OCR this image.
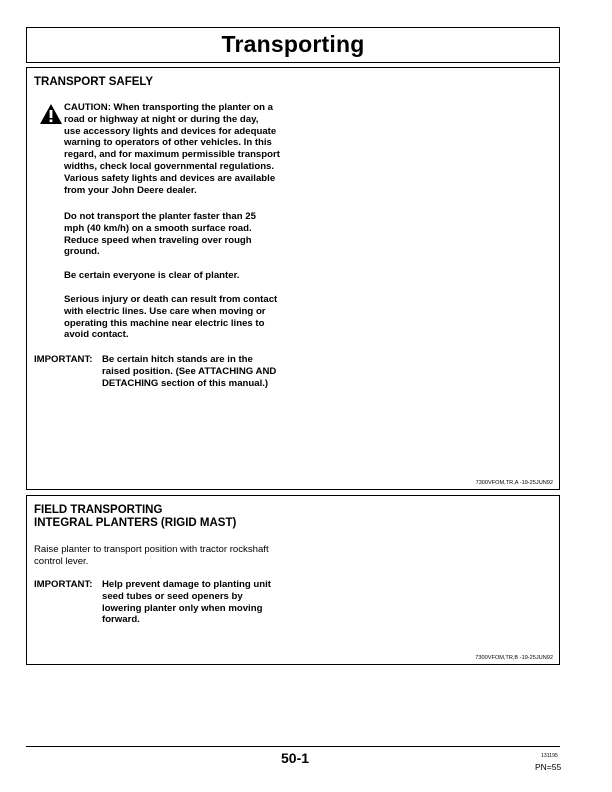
Transporting
TRANSPORT SAFELY
CAUTION: When transporting the planter on a
road or highway at night or during the day,
use accessory lights and devices for adequate
warning to operators of other vehicles. In this
regard, and for maximum permissible transport
widths, check local governmental regulations.
Various safety lights and devices are available
from your John Deere dealer.
Do not transport the planter faster than 25
mph (40 km/h) on a smooth surface road.
Reduce speed when traveling over rough
ground.
Be certain everyone is clear of planter.
Serious injury or death can result from contact
with electric lines. Use care when moving or
operating this machine near electric lines to
avoid contact.
IMPORTANT: Be certain hitch stands are in the
raised position. (See ATTACHING AND
DETACHING section of this manual.)
7300VFOM,TR,A -19-25JUN92
FIELD TRANSPORTING
INTEGRAL PLANTERS (RIGID MAST)
Raise planter to transport position with tractor rockshaft
control lever.
IMPORTANT: Help prevent damage to planting unit
seed tubes or seed openers by
lowering planter only when moving
forward.
7300VFOM,TR,B -19-25JUN92
50-1	131195
PN=55
